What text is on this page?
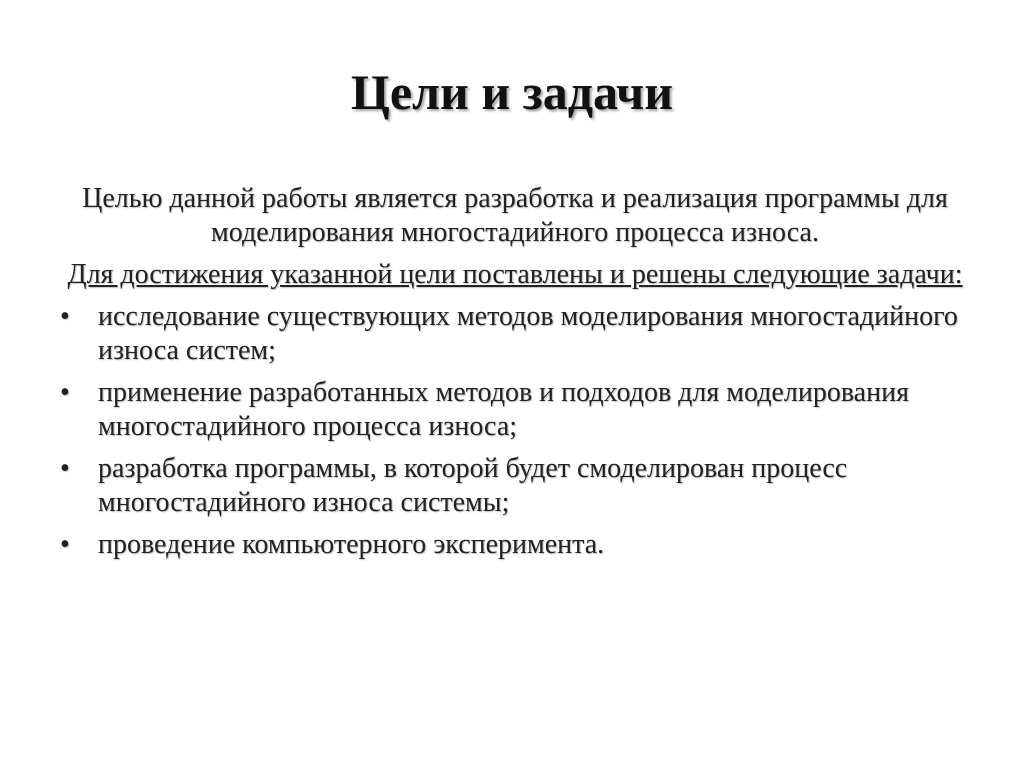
Цели и задачи

Целью данной работы является разработка и реализация программы для моделирования многостадийного процесса износа.

Для достижения указанной цели поставлены и решены следующие задачи:

• исследование существующих методов моделирования многостадийного износа систем;
• применение разработанных методов и подходов для моделирования многостадийного процесса износа;
• разработка программы, в которой будет смоделирован процесс многостадийного износа системы;
• проведение компьютерного эксперимента.
